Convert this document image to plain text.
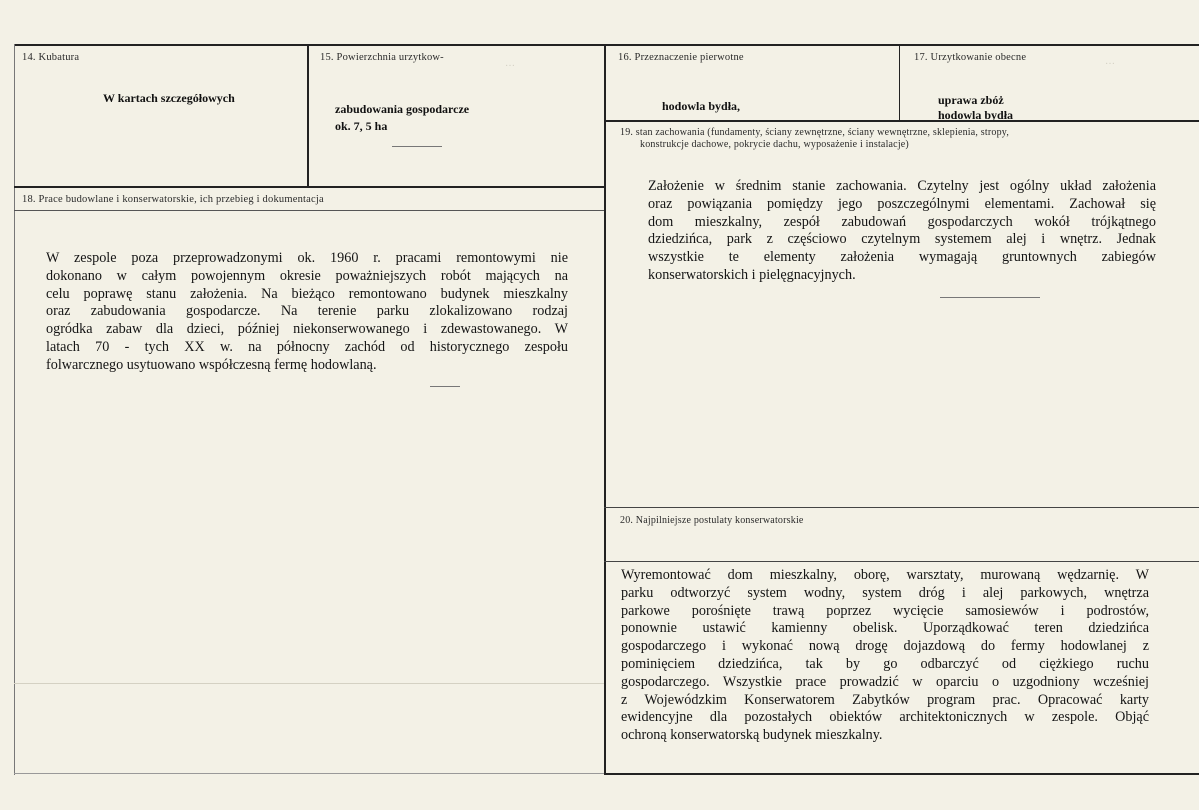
…	…
14. Kubatura
W kartach szczegółowych
15. Powierzchnia urzytkow-
zabudowania gospodarcze
ok. 7, 5 ha
16. Przeznaczenie pierwotne
hodowla bydła,
17. Urzytkowanie obecne
uprawa zbóż
hodowla bydła
19. stan zachowania (fundamenty, ściany zewnętrzne, ściany wewnętrzne, sklepienia, stropy,
konstrukcje dachowe, pokrycie dachu, wyposażenie i instalacje)
Założenie w średnim stanie zachowania. Czytelny jest ogólny układ założenia
oraz powiązania pomiędzy jego poszczególnymi elementami. Zachował się
dom mieszkalny, zespół zabudowań gospodarczych wokół trójkątnego
dziedzińca, park z częściowo czytelnym systemem alej i wnętrz. Jednak
wszystkie te elementy założenia wymagają gruntownych zabiegów
konserwatorskich i pielęgnacyjnych.
18. Prace budowlane i konserwatorskie, ich przebieg i dokumentacja
W zespole poza przeprowadzonymi ok. 1960 r. pracami remontowymi nie
dokonano w całym powojennym okresie poważniejszych robót mających na
celu poprawę stanu założenia. Na bieżąco remontowano budynek mieszkalny
oraz zabudowania gospodarcze. Na terenie parku zlokalizowano rodzaj
ogródka zabaw dla dzieci, później niekonserwowanego i zdewastowanego. W
latach 70 - tych XX w. na północny zachód od historycznego zespołu
folwarcznego usytuowano współczesną fermę hodowlaną.
20. Najpilniejsze postulaty konserwatorskie
Wyremontować dom mieszkalny, oborę, warsztaty, murowaną wędzarnię. W
parku odtworzyć system wodny, system dróg i alej parkowych, wnętrza
parkowe porośnięte trawą poprzez wycięcie samosiewów i podrostów,
ponownie ustawić kamienny obelisk. Uporządkować teren dziedzińca
gospodarczego i wykonać nową drogę dojazdową do fermy hodowlanej z
pominięciem dziedzińca, tak by go odbarczyć od ciężkiego ruchu
gospodarczego. Wszystkie prace prowadzić w oparciu o uzgodniony wcześniej
z Wojewódzkim Konserwatorem Zabytków program prac. Opracować karty
ewidencyjne dla pozostałych obiektów architektonicznych w zespole. Objąć
ochroną konserwatorską budynek mieszkalny.
